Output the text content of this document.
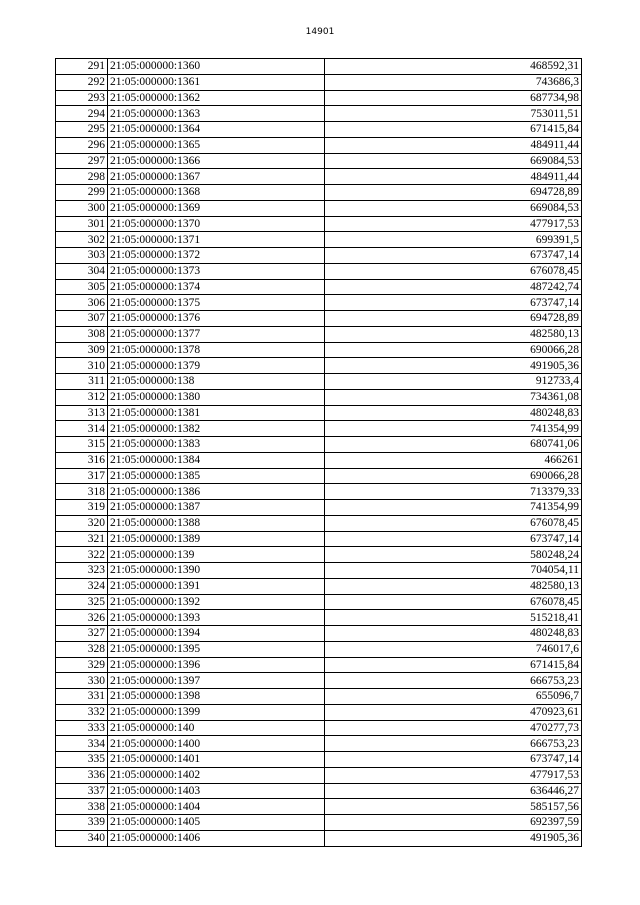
14901
291	21:05:000000:1360	468592,31
292	21:05:000000:1361	743686,3
293	21:05:000000:1362	687734,98
294	21:05:000000:1363	753011,51
295	21:05:000000:1364	671415,84
296	21:05:000000:1365	484911,44
297	21:05:000000:1366	669084,53
298	21:05:000000:1367	484911,44
299	21:05:000000:1368	694728,89
300	21:05:000000:1369	669084,53
301	21:05:000000:1370	477917,53
302	21:05:000000:1371	699391,5
303	21:05:000000:1372	673747,14
304	21:05:000000:1373	676078,45
305	21:05:000000:1374	487242,74
306	21:05:000000:1375	673747,14
307	21:05:000000:1376	694728,89
308	21:05:000000:1377	482580,13
309	21:05:000000:1378	690066,28
310	21:05:000000:1379	491905,36
311	21:05:000000:138	912733,4
312	21:05:000000:1380	734361,08
313	21:05:000000:1381	480248,83
314	21:05:000000:1382	741354,99
315	21:05:000000:1383	680741,06
316	21:05:000000:1384	466261
317	21:05:000000:1385	690066,28
318	21:05:000000:1386	713379,33
319	21:05:000000:1387	741354,99
320	21:05:000000:1388	676078,45
321	21:05:000000:1389	673747,14
322	21:05:000000:139	580248,24
323	21:05:000000:1390	704054,11
324	21:05:000000:1391	482580,13
325	21:05:000000:1392	676078,45
326	21:05:000000:1393	515218,41
327	21:05:000000:1394	480248,83
328	21:05:000000:1395	746017,6
329	21:05:000000:1396	671415,84
330	21:05:000000:1397	666753,23
331	21:05:000000:1398	655096,7
332	21:05:000000:1399	470923,61
333	21:05:000000:140	470277,73
334	21:05:000000:1400	666753,23
335	21:05:000000:1401	673747,14
336	21:05:000000:1402	477917,53
337	21:05:000000:1403	636446,27
338	21:05:000000:1404	585157,56
339	21:05:000000:1405	692397,59
340	21:05:000000:1406	491905,36
